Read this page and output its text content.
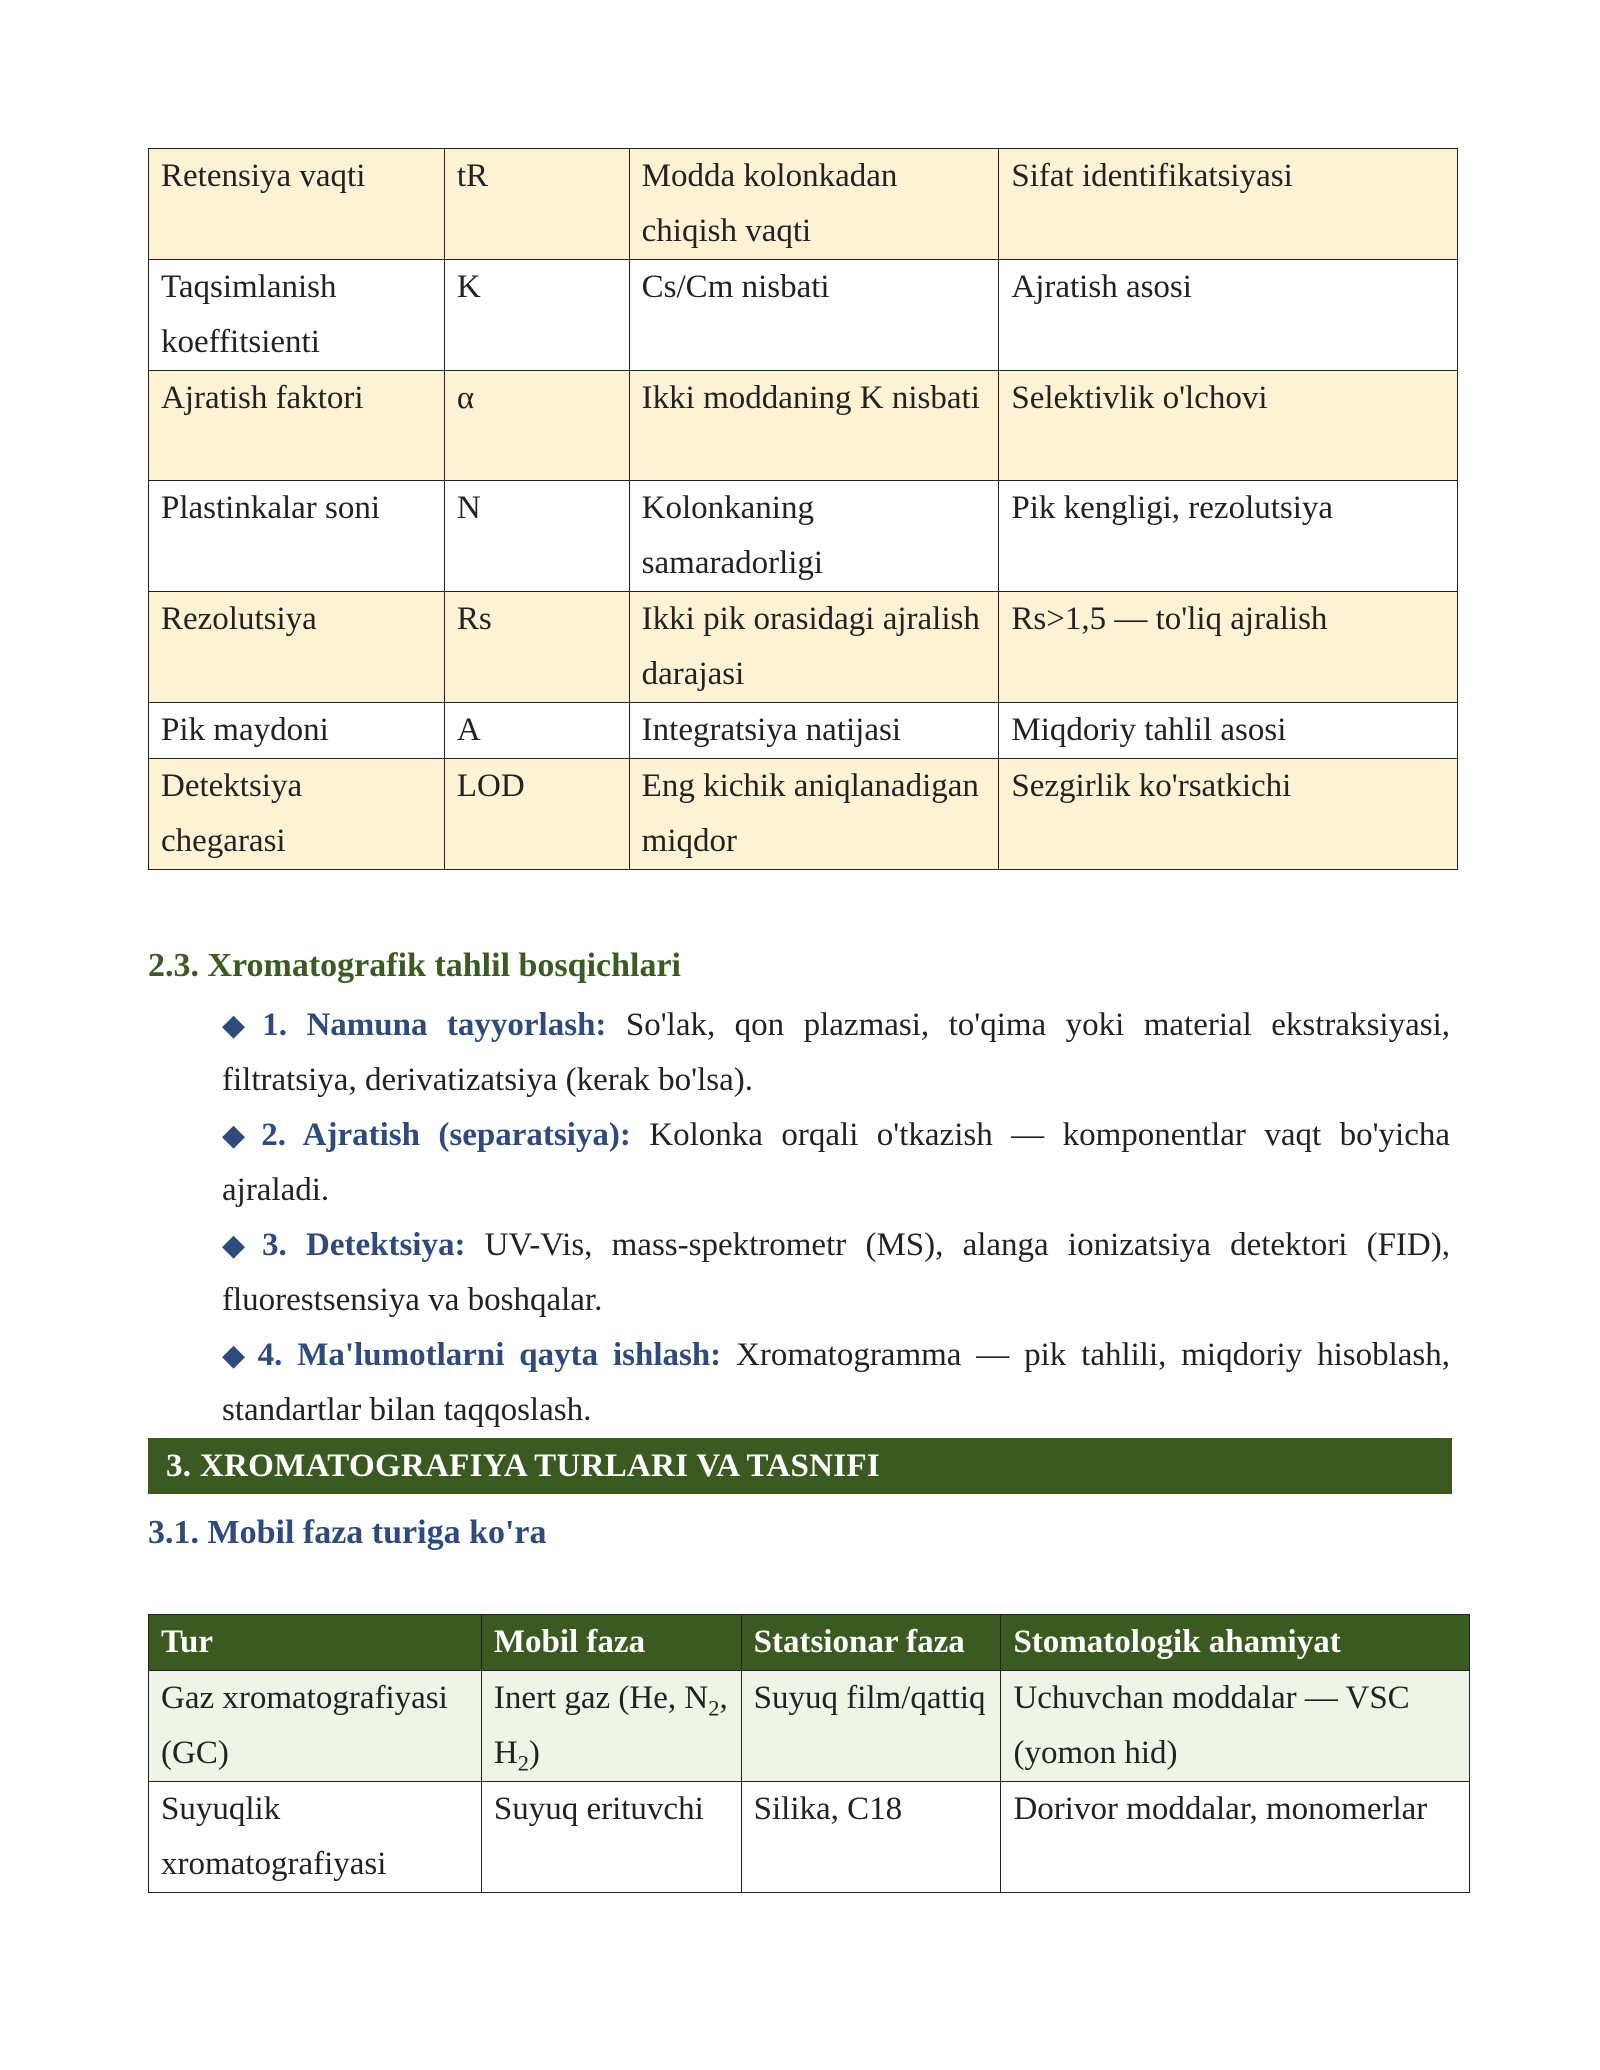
Retensiya vaqti	tR	Modda kolonkadan chiqish vaqti	Sifat identifikatsiyasi
Taqsimlanish koeffitsienti	K	Cs/Cm nisbati	Ajratish asosi
Ajratish faktori	α	Ikki moddaning K nisbati	Selektivlik o'lchovi
Plastinkalar soni	N	Kolonkaning samaradorligi	Pik kengligi, rezolutsiya
Rezolutsiya	Rs	Ikki pik orasidagi ajralish darajasi	Rs>1,5 — to'liq ajralish
Pik maydoni	A	Integratsiya natijasi	Miqdoriy tahlil asosi
Detektsiya chegarasi	LOD	Eng kichik aniqlanadigan miqdor	Sezgirlik ko'rsatkichi
2.3. Xromatografik tahlil bosqichlari

◆ 1. Namuna tayyorlash: So'lak, qon plazmasi, to'qima yoki material ekstraksiyasi, filtratsiya, derivatizatsiya (kerak bo'lsa).

◆ 2. Ajratish (separatsiya): Kolonka orqali o'tkazish — komponentlar vaqt bo'yicha ajraladi.

◆ 3. Detektsiya: UV-Vis, mass-spektrometr (MS), alanga ionizatsiya detektori (FID), fluorestsensiya va boshqalar.

◆ 4. Ma'lumotlarni qayta ishlash: Xromatogramma — pik tahlili, miqdoriy hisoblash, standartlar bilan taqqoslash.

3. XROMATOGRAFIYA TURLARI VA TASNIFI
3.1. Mobil faza turiga ko'ra
Tur	Mobil faza	Statsionar faza	Stomatologik ahamiyat
Gaz xromatografiyasi (GC)	Inert gaz (He, $N_2$, $H_2$)	Suyuq film/qattiq	Uchuvchan moddalar — VSC (yomon hid)
Suyuqlik xromatografiyasi	Suyuq erituvchi	Silika, C18	Dorivor moddalar, monomerlar
